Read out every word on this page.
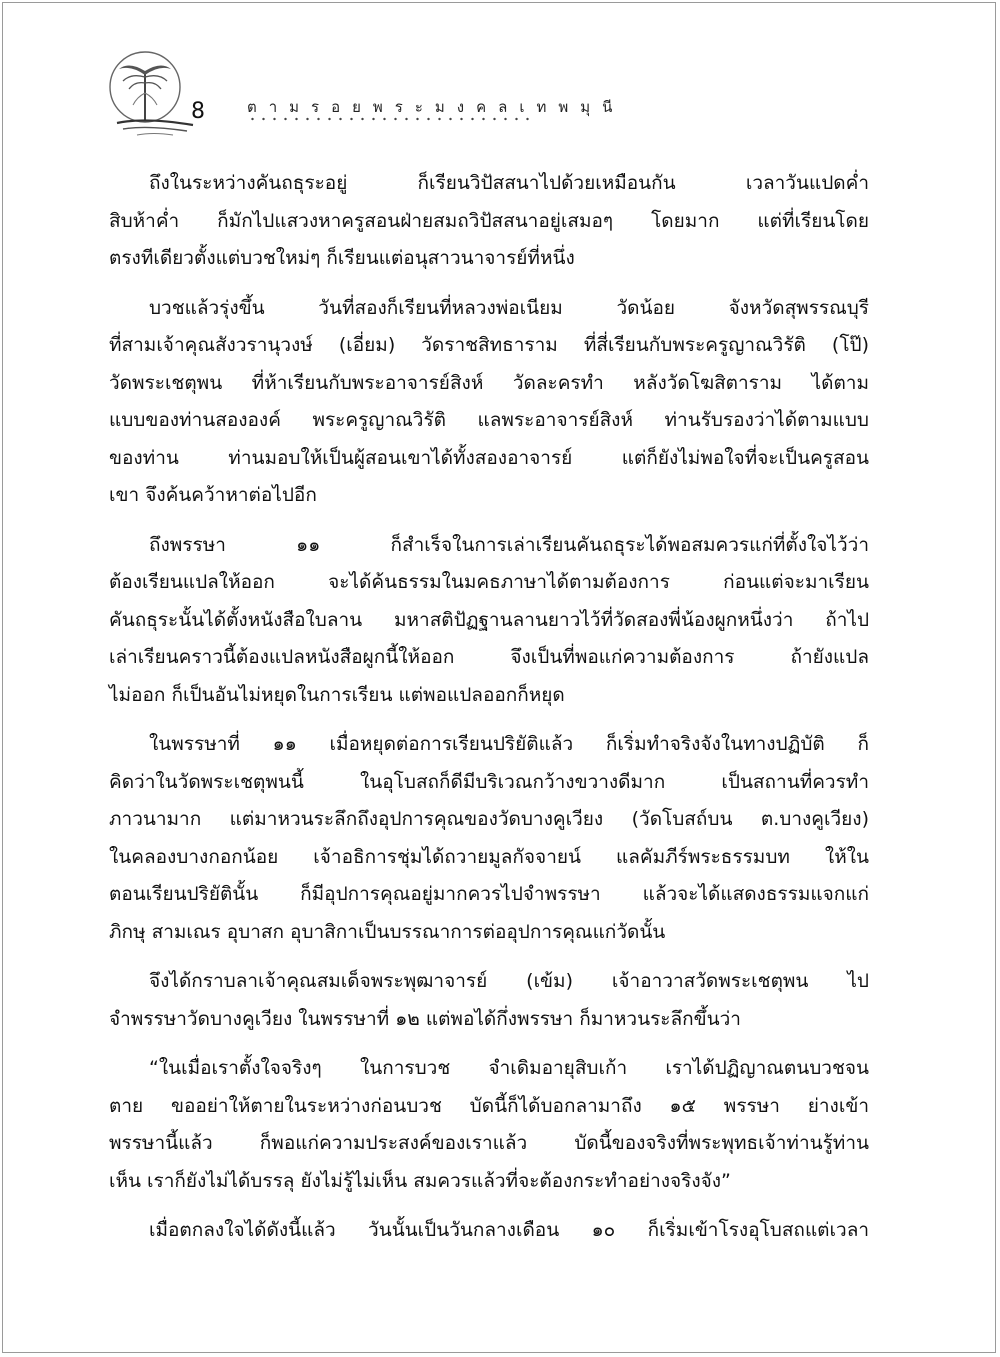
8	ตามรอยพระมงคลเทพมุนี
ถึงในระหว่างคันถธุระอยู่ ก็เรียนวิปัสสนาไปด้วยเหมือนกัน เวลาวันแปดค่ำ
สิบห้าค่ำ ก็มักไปแสวงหาครูสอนฝ่ายสมถวิปัสสนาอยู่เสมอๆ โดยมาก แต่ที่เรียนโดย
ตรงทีเดียวตั้งแต่บวชใหม่ๆ ก็เรียนแต่อนุสาวนาจารย์ที่หนึ่ง
บวชแล้วรุ่งขึ้น วันที่สองก็เรียนที่หลวงพ่อเนียม วัดน้อย จังหวัดสุพรรณบุรี
ที่สามเจ้าคุณสังวรานุวงษ์ (เอี่ยม) วัดราชสิทธาราม ที่สี่เรียนกับพระครูญาณวิรัติ (โป๊)
วัดพระเชตุพน ที่ห้าเรียนกับพระอาจารย์สิงห์ วัดละครทำ หลังวัดโฆสิตาราม ได้ตาม
แบบของท่านสององค์ พระครูญาณวิรัติ แลพระอาจารย์สิงห์ ท่านรับรองว่าได้ตามแบบ
ของท่าน ท่านมอบให้เป็นผู้สอนเขาได้ทั้งสองอาจารย์ แต่ก็ยังไม่พอใจที่จะเป็นครูสอน
เขา จึงค้นคว้าหาต่อไปอีก
ถึงพรรษา ๑๑ ก็สำเร็จในการเล่าเรียนคันถธุระได้พอสมควรแก่ที่ตั้งใจไว้ว่า
ต้องเรียนแปลให้ออก จะได้ค้นธรรมในมคธภาษาได้ตามต้องการ ก่อนแต่จะมาเรียน
คันถธุระนั้นได้ตั้งหนังสือใบลาน มหาสติปัฏฐานลานยาวไว้ที่วัดสองพี่น้องผูกหนึ่งว่า ถ้าไป
เล่าเรียนคราวนี้ต้องแปลหนังสือผูกนี้ให้ออก จึงเป็นที่พอแก่ความต้องการ ถ้ายังแปล
ไม่ออก ก็เป็นอันไม่หยุดในการเรียน แต่พอแปลออกก็หยุด
ในพรรษาที่ ๑๑ เมื่อหยุดต่อการเรียนปริยัติแล้ว ก็เริ่มทำจริงจังในทางปฏิบัติ ก็
คิดว่าในวัดพระเชตุพนนี้ ในอุโบสถก็ดีมีบริเวณกว้างขวางดีมาก เป็นสถานที่ควรทำ
ภาวนามาก แต่มาหวนระลึกถึงอุปการคุณของวัดบางคูเวียง (วัดโบสถ์บน ต.บางคูเวียง)
ในคลองบางกอกน้อย เจ้าอธิการชุ่มได้ถวายมูลกัจจายน์ แลคัมภีร์พระธรรมบท ให้ใน
ตอนเรียนปริยัตินั้น ก็มีอุปการคุณอยู่มากควรไปจำพรรษา แล้วจะได้แสดงธรรมแจกแก่
ภิกษุ สามเณร อุบาสก อุบาสิกาเป็นบรรณาการต่ออุปการคุณแก่วัดนั้น
จึงได้กราบลาเจ้าคุณสมเด็จพระพุฒาจารย์ (เข้ม) เจ้าอาวาสวัดพระเชตุพน ไป
จำพรรษาวัดบางคูเวียง ในพรรษาที่ ๑๒ แต่พอได้กึ่งพรรษา ก็มาหวนระลึกขึ้นว่า
“ในเมื่อเราตั้งใจจริงๆ ในการบวช จำเดิมอายุสิบเก้า เราได้ปฏิญาณตนบวชจน
ตาย ขออย่าให้ตายในระหว่างก่อนบวช บัดนี้ก็ได้บอกลามาถึง ๑๕ พรรษา ย่างเข้า
พรรษานี้แล้ว ก็พอแก่ความประสงค์ของเราแล้ว บัดนี้ของจริงที่พระพุทธเจ้าท่านรู้ท่าน
เห็น เราก็ยังไม่ได้บรรลุ ยังไม่รู้ไม่เห็น สมควรแล้วที่จะต้องกระทำอย่างจริงจัง”
เมื่อตกลงใจได้ดังนี้แล้ว วันนั้นเป็นวันกลางเดือน ๑๐ ก็เริ่มเข้าโรงอุโบสถแต่เวลา
